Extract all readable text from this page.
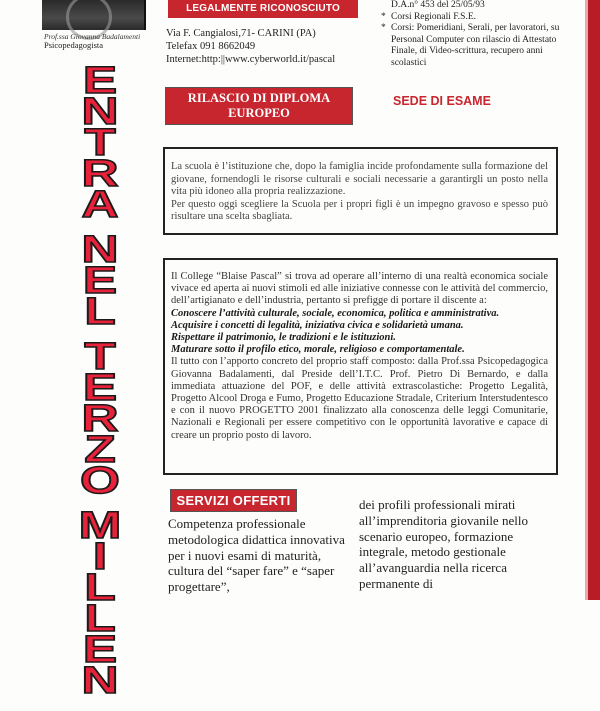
Prof.ssa Giovanna Badalamenti
Psicopedagogista
LEGALMENTE RICONOSCIUTO
Via F. Cangialosi,71- CARINI (PA)
Telefax 091 8662049
Internet:http:||www.cyberworld.it/pascal
D.A.n° 453 del 25/05/93
* Corsi Regionali F.S.E.
* Corsi: Pomeridiani, Serali, per lavoratori, su Personal Computer con rilascio di Attestato Finale, di Video-scrittura, recupero anni scolastici
E
N
T
R
A
N
E
L
T
E
R
Z
O
M
I
L
L
E
N
RILASCIO DI DIPLOMA
EUROPEO
SEDE DI ESAME
La scuola è l’istituzione che, dopo la famiglia incide profondamente sulla formazione del giovane, fornendogli le risorse culturali e sociali necessarie a garantirgli un posto nella vita più idoneo alla propria realizzazione.
Per questo oggi scegliere la Scuola per i propri figli è un impegno gravoso e spesso può risultare una scelta sbagliata.
Il College “Blaise Pascal” si trova ad operare all’interno di una realtà economica sociale vivace ed aperta ai nuovi stimoli ed alle iniziative connesse con le attività del commercio, dell’artigianato e dell’industria, pertanto si prefigge di portare il discente a:
Conoscere l’attività culturale, sociale, economica, politica e amministrativa.
Acquisire i concetti di legalità, iniziativa civica e solidarietà umana.
Rispettare il patrimonio, le tradizioni e le istituzioni.
Maturare sotto il profilo etico, morale, religioso e comportamentale.
Il tutto con l’apporto concreto del proprio staff composto: dalla Prof.ssa Psicopedagogica Giovanna Badalamenti, dal Preside dell’I.T.C. Prof. Pietro Di Bernardo, e dalla immediata attuazione del POF, e delle attività extrascolastiche: Progetto Legalità, Progetto Alcool Droga e Fumo, Progetto Educazione Stradale, Criterium Interstudentesco e con il nuovo PROGETTO 2001 finalizzato alla conoscenza delle leggi Comunitarie, Nazionali e Regionali per essere competitivo con le opportunità lavorative e capace di creare un proprio posto di lavoro.
SERVIZI OFFERTI
Competenza professionale metodologica didattica innovativa per i nuovi esami di maturità, cultura del “saper fare” e “saper progettare”,
dei profili professionali mirati all’imprenditoria giovanile nello scenario europeo, formazione integrale, metodo gestionale all’avanguardia nella ricerca permanente di
